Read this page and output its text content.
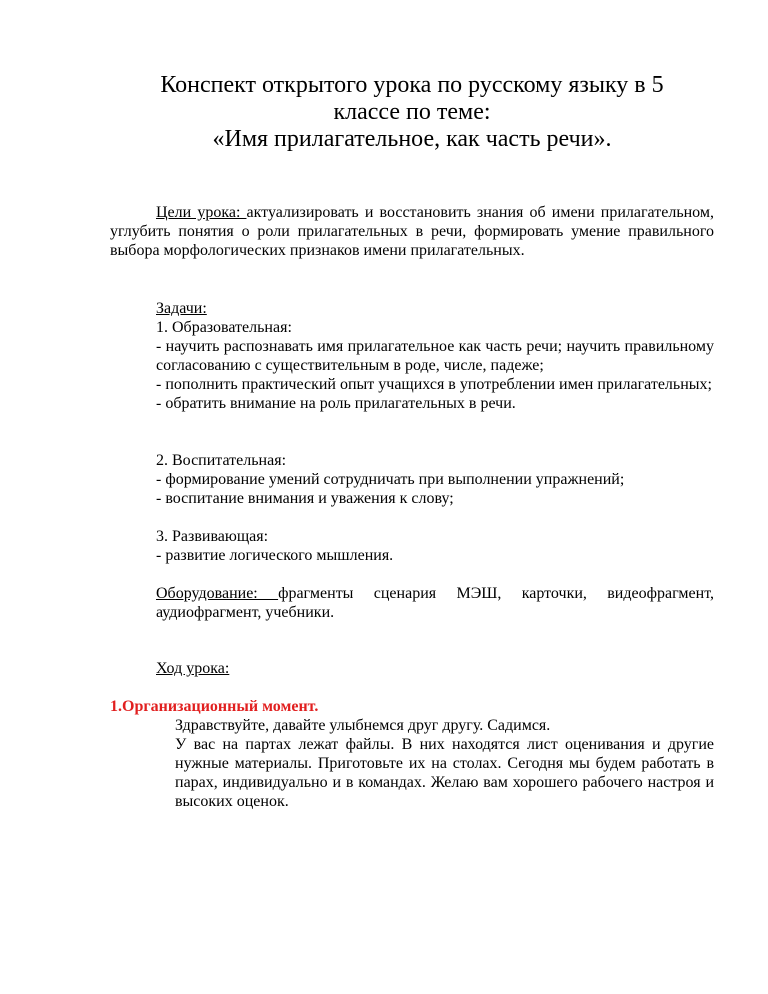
Конспект открытого урока по русскому языку в 5
классе по теме:
«Имя прилагательное, как часть речи».
Цели урока: актуализировать и восстановить знания об имени прилагательном, углубить понятия о роли прилагательных в речи, формировать умение правильного выбора морфологических признаков имени прилагательных.
Задачи:
1. Образовательная:
- научить распознавать имя прилагательное как часть речи; научить правильному согласованию с существительным в роде, числе, падеже;
- пополнить практический опыт учащихся в употреблении имен прилагательных;
- обратить внимание на роль прилагательных в речи.
2. Воспитательная:
- формирование умений сотрудничать при выполнении упражнений;
- воспитание внимания и уважения к слову;
3. Развивающая:
- развитие логического мышления.
Оборудование: фрагменты сценария МЭШ, карточки, видеофрагмент, аудиофрагмент, учебники.
Ход урока:
1.Организационный момент.
Здравствуйте, давайте улыбнемся друг другу. Садимся.
У вас на партах лежат файлы. В них находятся лист оценивания и другие нужные материалы. Приготовьте их на столах. Сегодня мы будем работать в парах, индивидуально и в командах. Желаю вам хорошего рабочего настроя и высоких оценок.
